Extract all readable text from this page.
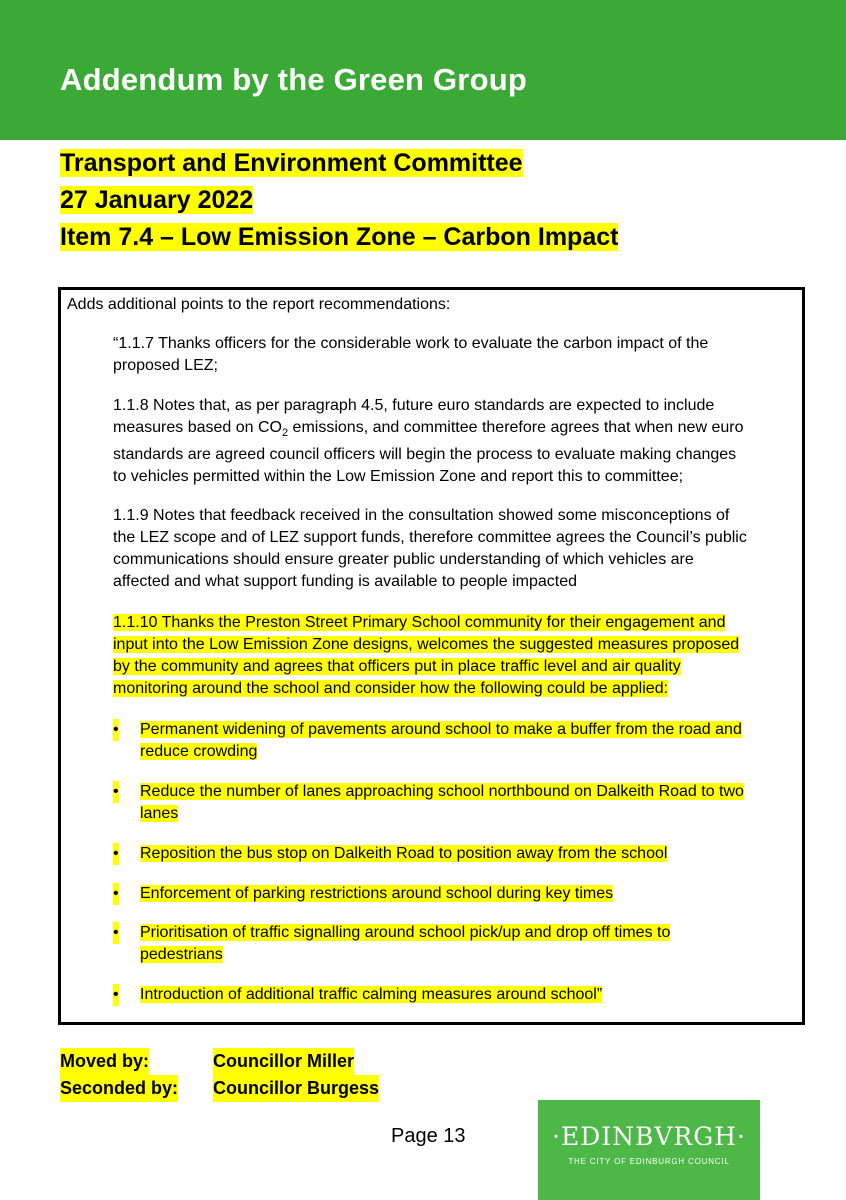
Addendum by the Green Group
Transport and Environment Committee
27 January 2022
Item 7.4 – Low Emission Zone – Carbon Impact
Adds additional points to the report recommendations:
“1.1.7 Thanks officers for the considerable work to evaluate the carbon impact of the
proposed LEZ;
1.1.8 Notes that, as per paragraph 4.5, future euro standards are expected to include
measures based on $CO_2$ emissions, and committee therefore agrees that when new euro
standards are agreed council officers will begin the process to evaluate making changes
to vehicles permitted within the Low Emission Zone and report this to committee;
1.1.9 Notes that feedback received in the consultation showed some misconceptions of
the LEZ scope and of LEZ support funds, therefore committee agrees the Council’s public
communications should ensure greater public understanding of which vehicles are
affected and what support funding is available to people impacted
1.1.10 Thanks the Preston Street Primary School community for their engagement and
input into the Low Emission Zone designs, welcomes the suggested measures proposed
by the community and agrees that officers put in place traffic level and air quality
monitoring around the school and consider how the following could be applied:
• Permanent widening of pavements around school to make a buffer from the road and
reduce crowding
• Reduce the number of lanes approaching school northbound on Dalkeith Road to two
lanes
• Reposition the bus stop on Dalkeith Road to position away from the school
• Enforcement of parking restrictions around school during key times
• Prioritisation of traffic signalling around school pick/up and drop off times to
pedestrians
• Introduction of additional traffic calming measures around school”
Moved by:	Councillor Miller
Seconded by: Councillor Burgess
Page 13	·EDINBVRGH·
THE CITY OF EDINBURGH COUNCIL
